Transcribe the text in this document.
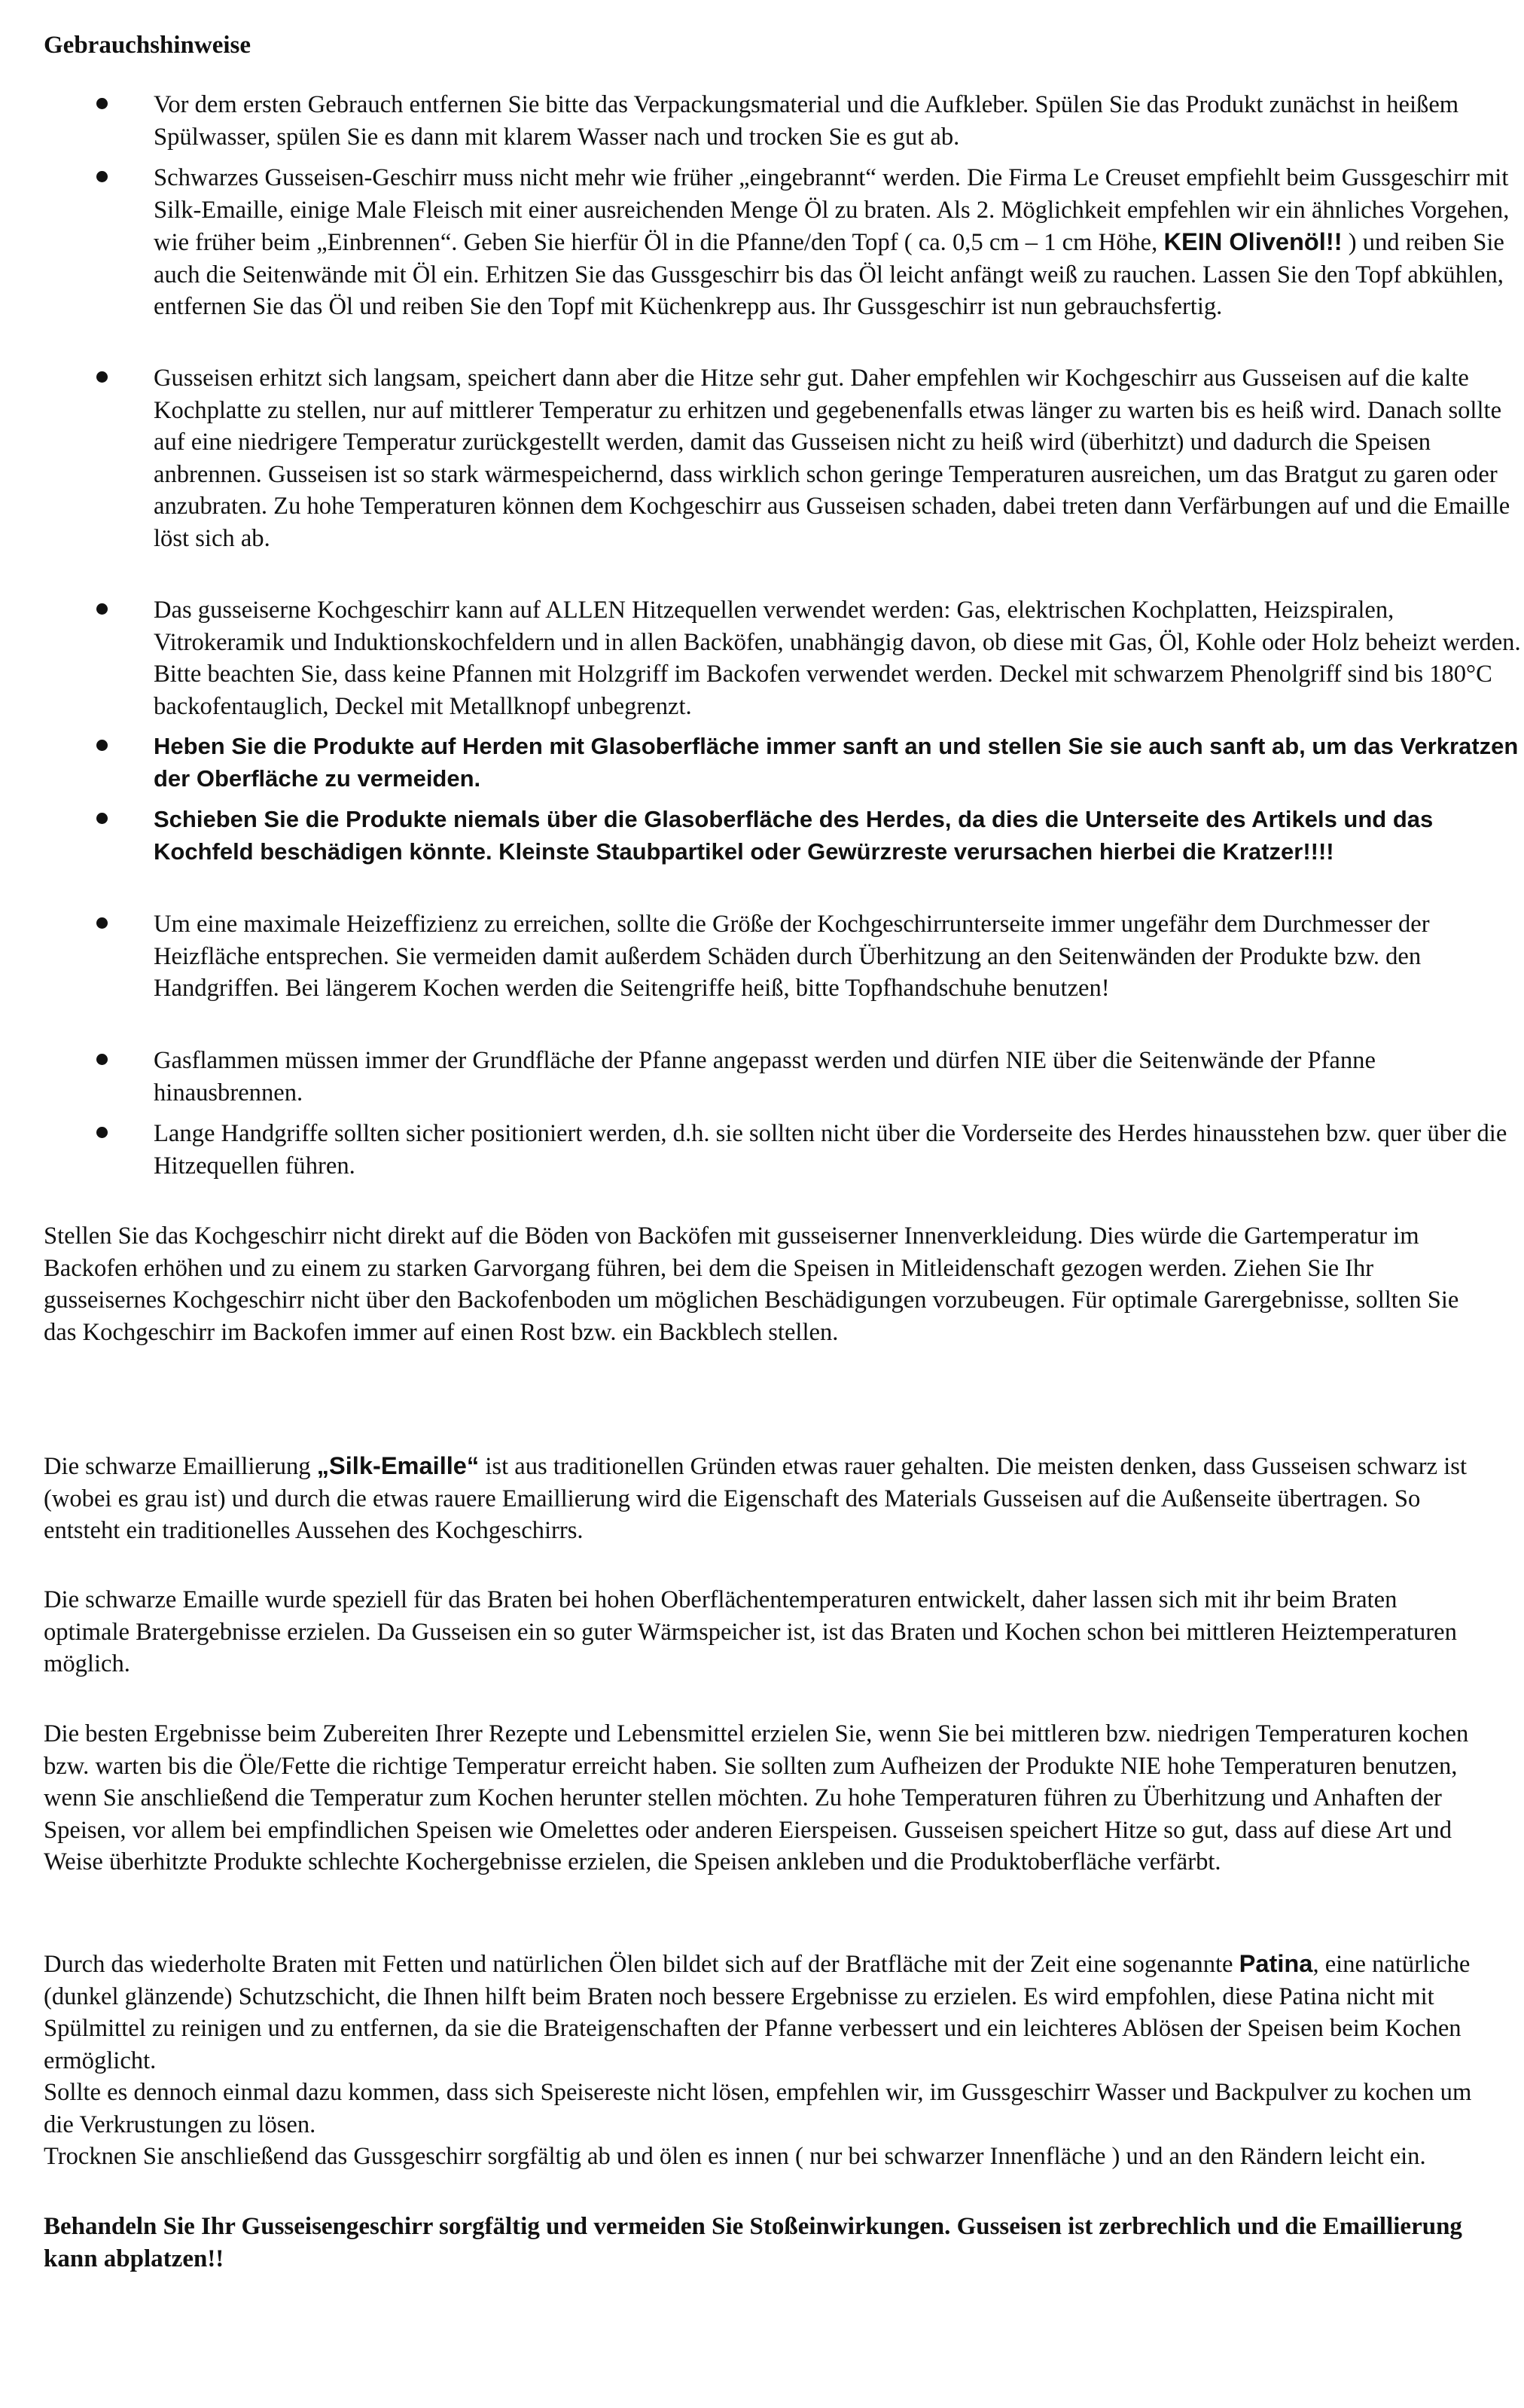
Gebrauchshinweise
Vor dem ersten Gebrauch entfernen Sie bitte das Verpackungsmaterial und die Aufkleber. Spülen Sie das Produkt zunächst in heißem Spülwasser, spülen Sie es dann mit klarem Wasser nach und trocken Sie es gut ab.
Schwarzes Gusseisen-Geschirr muss nicht mehr wie früher „eingebrannt“ werden. Die Firma Le Creuset empfiehlt beim Gussgeschirr mit Silk-Emaille, einige Male Fleisch mit einer ausreichenden Menge Öl zu braten. Als 2. Möglichkeit empfehlen wir ein ähnliches Vorgehen, wie früher beim „Einbrennen“. Geben Sie hierfür Öl in die Pfanne/den Topf ( ca. 0,5 cm – 1 cm Höhe, KEIN Olivenöl!! ) und reiben Sie auch die Seitenwände mit Öl ein. Erhitzen Sie das Gussgeschirr bis das Öl leicht anfängt weiß zu rauchen. Lassen Sie den Topf abkühlen, entfernen Sie das Öl und reiben Sie den Topf mit Küchenkrepp aus. Ihr Gussgeschirr ist nun gebrauchsfertig.
Gusseisen erhitzt sich langsam, speichert dann aber die Hitze sehr gut. Daher empfehlen wir Kochgeschirr aus Gusseisen auf die kalte Kochplatte zu stellen, nur auf mittlerer Temperatur zu erhitzen und gegebenenfalls etwas länger zu warten bis es heiß wird. Danach sollte auf eine niedrigere Temperatur zurückgestellt werden, damit das Gusseisen nicht zu heiß wird (überhitzt) und dadurch die Speisen anbrennen. Gusseisen ist so stark wärmespeichernd, dass wirklich schon geringe Temperaturen ausreichen, um das Bratgut zu garen oder anzubraten. Zu hohe Temperaturen können dem Kochgeschirr aus Gusseisen schaden, dabei treten dann Verfärbungen auf und die Emaille löst sich ab.
Das gusseiserne Kochgeschirr kann auf ALLEN Hitzequellen verwendet werden: Gas, elektrischen Kochplatten, Heizspiralen, Vitrokeramik und Induktionskochfeldern und in allen Backöfen, unabhängig davon, ob diese mit Gas, Öl, Kohle oder Holz beheizt werden. Bitte beachten Sie, dass keine Pfannen mit Holzgriff im Backofen verwendet werden. Deckel mit schwarzem Phenolgriff sind bis 180°C backofentauglich, Deckel mit Metallknopf unbegrenzt.
Heben Sie die Produkte auf Herden mit Glasoberfläche immer sanft an und stellen Sie sie auch sanft ab, um das Verkratzen der Oberfläche zu vermeiden.
Schieben Sie die Produkte niemals über die Glasoberfläche des Herdes, da dies die Unterseite des Artikels und das Kochfeld beschädigen könnte. Kleinste Staubpartikel oder Gewürzreste verursachen hierbei die Kratzer!!!!
Um eine maximale Heizeffizienz zu erreichen, sollte die Größe der Kochgeschirrunterseite immer ungefähr dem Durchmesser der Heizfläche entsprechen. Sie vermeiden damit außerdem Schäden durch Überhitzung an den Seitenwänden der Produkte bzw. den Handgriffen. Bei längerem Kochen werden die Seitengriffe heiß, bitte Topfhandschuhe benutzen!
Gasflammen müssen immer der Grundfläche der Pfanne angepasst werden und dürfen NIE über die Seitenwände der Pfanne hinausbrennen.
Lange Handgriffe sollten sicher positioniert werden, d.h. sie sollten nicht über die Vorderseite des Herdes hinausstehen bzw. quer über die Hitzequellen führen.

Stellen Sie das Kochgeschirr nicht direkt auf die Böden von Backöfen mit gusseiserner Innenverkleidung. Dies würde die Gartemperatur im Backofen erhöhen und zu einem zu starken Garvorgang führen, bei dem die Speisen in Mitleidenschaft gezogen werden. Ziehen Sie Ihr gusseisernes Kochgeschirr nicht über den Backofenboden um möglichen Beschädigungen vorzubeugen. Für optimale Garergebnisse, sollten Sie das Kochgeschirr im Backofen immer auf einen Rost bzw. ein Backblech stellen.

Die schwarze Emaillierung „Silk-Emaille“ ist aus traditionellen Gründen etwas rauer gehalten. Die meisten denken, dass Gusseisen schwarz ist (wobei es grau ist) und durch die etwas rauere Emaillierung wird die Eigenschaft des Materials Gusseisen auf die Außenseite übertragen. So entsteht ein traditionelles Aussehen des Kochgeschirrs.

Die schwarze Emaille wurde speziell für das Braten bei hohen Oberflächentemperaturen entwickelt, daher lassen sich mit ihr beim Braten optimale Bratergebnisse erzielen. Da Gusseisen ein so guter Wärmspeicher ist, ist das Braten und Kochen schon bei mittleren Heiztemperaturen möglich.

Die besten Ergebnisse beim Zubereiten Ihrer Rezepte und Lebensmittel erzielen Sie, wenn Sie bei mittleren bzw. niedrigen Temperaturen kochen bzw. warten bis die Öle/Fette die richtige Temperatur erreicht haben. Sie sollten zum Aufheizen der Produkte NIE hohe Temperaturen benutzen, wenn Sie anschließend die Temperatur zum Kochen herunter stellen möchten. Zu hohe Temperaturen führen zu Überhitzung und Anhaften der Speisen, vor allem bei empfindlichen Speisen wie Omelettes oder anderen Eierspeisen. Gusseisen speichert Hitze so gut, dass auf diese Art und Weise überhitzte Produkte schlechte Kochergebnisse erzielen, die Speisen ankleben und die Produktoberfläche verfärbt.

Durch das wiederholte Braten mit Fetten und natürlichen Ölen bildet sich auf der Bratfläche mit der Zeit eine sogenannte Patina, eine natürliche (dunkel glänzende) Schutzschicht, die Ihnen hilft beim Braten noch bessere Ergebnisse zu erzielen. Es wird empfohlen, diese Patina nicht mit Spülmittel zu reinigen und zu entfernen, da sie die Brateigenschaften der Pfanne verbessert und ein leichteres Ablösen der Speisen beim Kochen ermöglicht.
Sollte es dennoch einmal dazu kommen, dass sich Speisereste nicht lösen, empfehlen wir, im Gussgeschirr Wasser und Backpulver zu kochen um die Verkrustungen zu lösen.
Trocknen Sie anschließend das Gussgeschirr sorgfältig ab und ölen es innen ( nur bei schwarzer Innenfläche ) und an den Rändern leicht ein.

Behandeln Sie Ihr Gusseisengeschirr sorgfältig und vermeiden Sie Stoßeinwirkungen. Gusseisen ist zerbrechlich und die Emaillierung kann abplatzen!!
